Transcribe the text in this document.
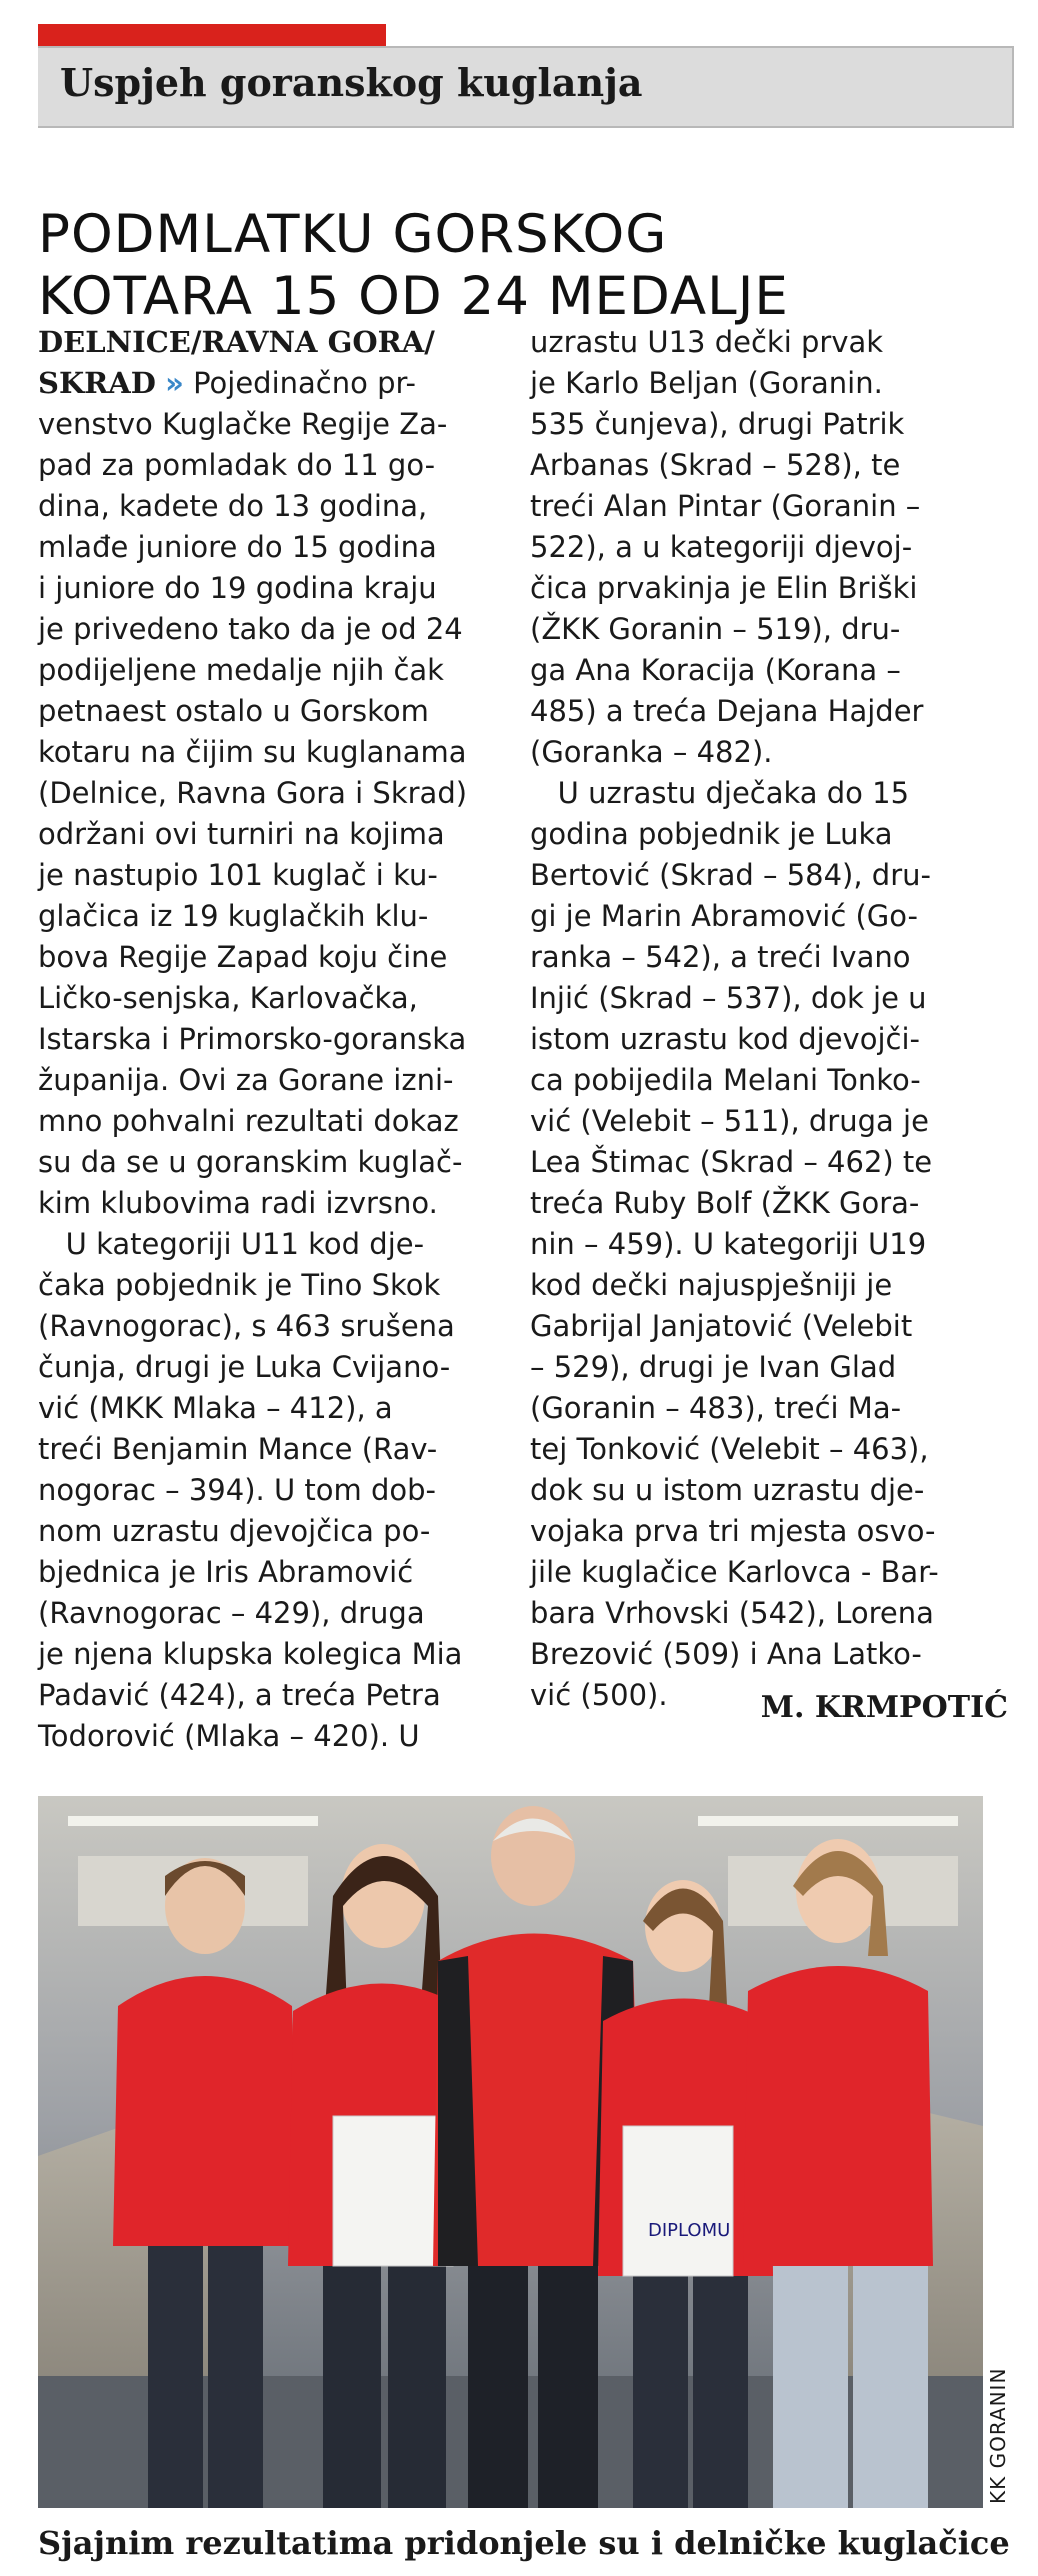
Uspjeh goranskog kuglanja
PODMLATKU GORSKOG
KOTARA 15 OD 24 MEDALJE
DELNICE/RAVNA GORA/
SKRAD » Pojedinačno pr-
venstvo Kuglačke Regije Za-
pad za pomladak do 11 go-
dina, kadete do 13 godina,
mlađe juniore do 15 godina
i juniore do 19 godina kraju
je privedeno tako da je od 24
podijeljene medalje njih čak
petnaest ostalo u Gorskom
kotaru na čijim su kuglanama
(Delnice, Ravna Gora i Skrad)
održani ovi turniri na kojima
je nastupio 101 kuglač i ku-
glačica iz 19 kuglačkih klu-
bova Regije Zapad koju čine
Ličko-senjska, Karlovačka,
Istarska i Primorsko-goranska
županija. Ovi za Gorane izni-
mno pohvalni rezultati dokaz
su da se u goranskim kuglač-
kim klubovima radi izvrsno.
U kategoriji U11 kod dje-
čaka pobjednik je Tino Skok
(Ravnogorac), s 463 srušena
čunja, drugi je Luka Cvijano-
vić (MKK Mlaka – 412), a
treći Benjamin Mance (Rav-
nogorac – 394). U tom dob-
nom uzrastu djevojčica po-
bjednica je Iris Abramović
(Ravnogorac – 429), druga
je njena klupska kolegica Mia
Padavić (424), a treća Petra
Todorović (Mlaka – 420). U
uzrastu U13 dečki prvak
je Karlo Beljan (Goranin.
535 čunjeva), drugi Patrik
Arbanas (Skrad – 528), te
treći Alan Pintar (Goranin –
522), a u kategoriji djevoj-
čica prvakinja je Elin Briški
(ŽKK Goranin – 519), dru-
ga Ana Koracija (Korana –
485) a treća Dejana Hajder
(Goranka – 482).
U uzrastu dječaka do 15
godina pobjednik je Luka
Bertović (Skrad – 584), dru-
gi je Marin Abramović (Go-
ranka – 542), a treći Ivano
Injić (Skrad – 537), dok je u
istom uzrastu kod djevojči-
ca pobijedila Melani Tonko-
vić (Velebit – 511), druga je
Lea Štimac (Skrad – 462) te
treća Ruby Bolf (ŽKK Gora-
nin – 459). U kategoriji U19
kod dečki najuspješniji je
Gabrijal Janjatović (Velebit
– 529), drugi je Ivan Glad
(Goranin – 483), treći Ma-
tej Tonković (Velebit – 463),
dok su u istom uzrastu dje-
vojaka prva tri mjesta osvo-
jile kuglačice Karlovca - Bar-
bara Vrhovski (542), Lorena
Brezović (509) i Ana Latko-
vić (500).	M. KRMPOTIĆ
DIPLOMU
KK GORANIN
Sjajnim rezultatima pridonjele su i delničke kuglačice
